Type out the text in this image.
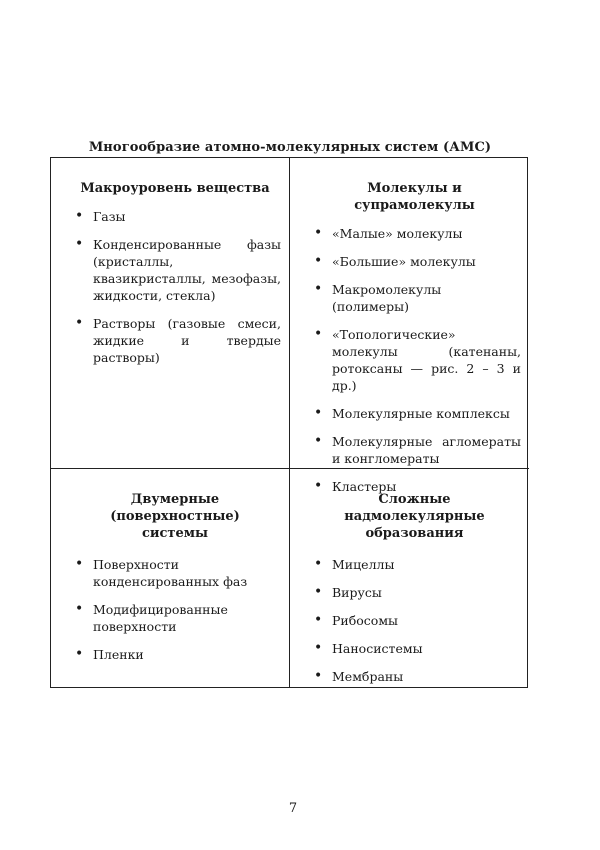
Многообразие атомно-молекулярных систем (АМС)
Макроуровень вещества
• Газы
• Конденсированные фазы (кристаллы, квазикристаллы, мезофазы, жидкости, стекла)
• Растворы (газовые смеси, жидкие и твердые растворы)
Молекулы и супрамолекулы
• «Малые» молекулы
• «Большие» молекулы
• Макромолекулы (полимеры)
• «Топологические» молекулы (катенаны, ротоксаны — рис. 2 – 3 и др.)
• Молекулярные комплексы
• Молекулярные агломераты и конгломераты
• Кластеры
Двумерные (поверхностные)
системы
• Поверхности конденсированных фаз
• Модифицированные поверхности
• Пленки
Сложные надмолекулярные
образования
• Мицеллы
• Вирусы
• Рибосомы
• Наносистемы
• Мембраны
7
